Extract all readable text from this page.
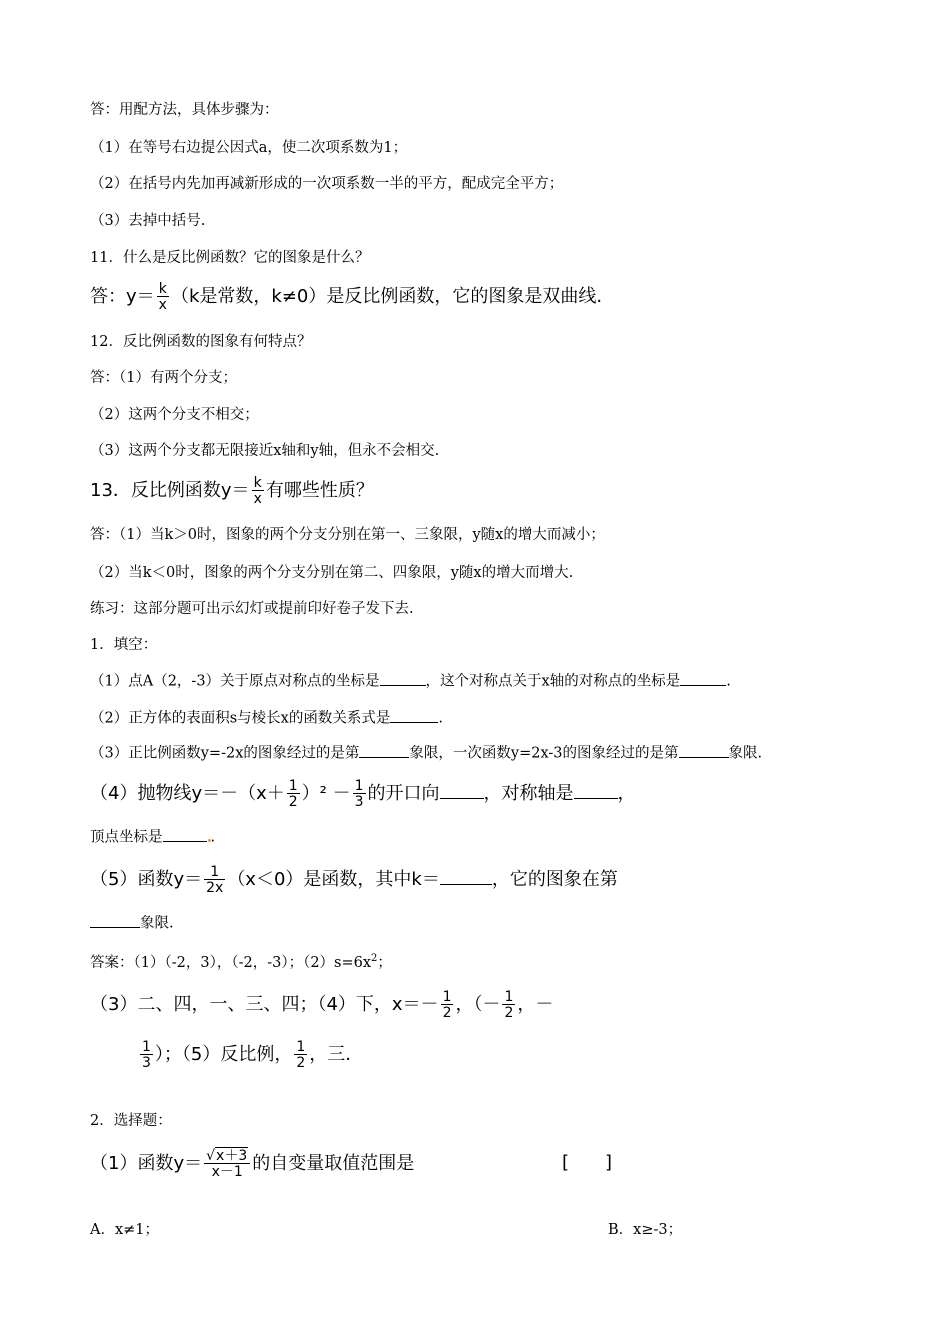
答：用配方法，具体步骤为：
（1）在等号右边提公因式a，使二次项系数为1；
（2）在括号内先加再减新形成的一次项系数一半的平方，配成完全平方；
（3）去掉中括号.
11．什么是反比例函数？它的图象是什么？
答：$y= \frac{k}{x} (k$是常数，k≠0）是反比例函数，它的图象是双曲线.
12．反比例函数的图象有何特点？
答：（1）有两个分支；
（2）这两个分支不相交；
（3）这两个分支都无限接近x轴和y轴，但永不会相交.
13．反比例函数$y= \frac{k}{x}$ 有哪些性质？
答：（1）当k＞0时，图象的两个分支分别在第一、三象限，y随x的增大而减小；
（2）当k＜0时，图象的两个分支分别在第二、四象限，y随x的增大而增大.
练习：这部分题可出示幻灯或提前印好卷子发下去.
1．填空：
（1）点A（2，-3）关于原点对称点的坐标是	，这个对称点关于x轴的对称点的坐标是	.
（2）正方体的表面积s与棱长x的函数关系式是	.
（3）正比例函数y=-2x的图象经过的是第	象限，一次函数y=2x-3的图象经过的是第	象限.
（4）抛物线$y=-(x+ \frac{1}{2} )^2 - \frac{1}{3}$ 的开口向 ，对称轴是 ，
顶点坐标是	.
（5）函数$y= \frac{1}{2x} (x<0)$是函数，其中k＝	，它的图象在第
象限.
答案：（1）（-2，3），（-2，-3）；$(2)s=6x^2$；
（3）二、四，一、三、四；（4）下，$x=- \frac{1}{2}$ ，（－ $\frac{1}{2}$ ，－
$\frac{1}{3}$ ）；（5）反比例， $\frac{1}{2}$ ，三.
2．选择题：
（1）函数$y= \frac{√x+3}{x-1}$ 的自变量取值范围是	[　　]
A．x≠1；	B．x≥-3；
